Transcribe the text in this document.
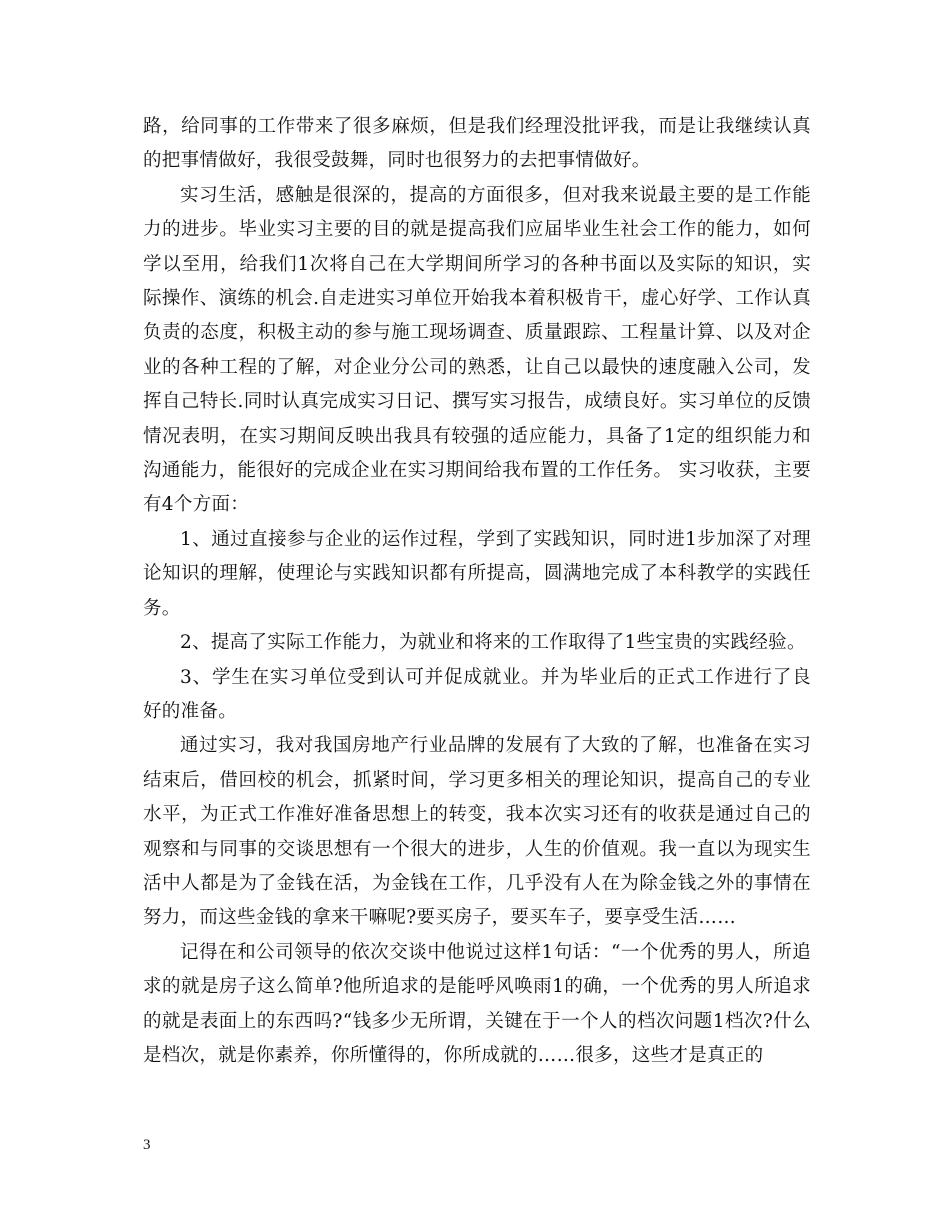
路，给同事的工作带来了很多麻烦，但是我们经理没批评我，而是让我继续认真的把事情做好，我很受鼓舞，同时也很努力的去把事情做好。

实习生活，感触是很深的，提高的方面很多，但对我来说最主要的是工作能力的进步。毕业实习主要的目的就是提高我们应届毕业生社会工作的能力，如何学以至用，给我们1次将自己在大学期间所学习的各种书面以及实际的知识，实际操作、演练的机会.自走进实习单位开始我本着积极肯干，虚心好学、工作认真负责的态度，积极主动的参与施工现场调查、质量跟踪、工程量计算、以及对企业的各种工程的了解，对企业分公司的熟悉，让自己以最快的速度融入公司，发挥自己特长.同时认真完成实习日记、撰写实习报告，成绩良好。实习单位的反馈情况表明，在实习期间反映出我具有较强的适应能力，具备了1定的组织能力和沟通能力，能很好的完成企业在实习期间给我布置的工作任务。 实习收获，主要有4个方面：

1、通过直接参与企业的运作过程，学到了实践知识，同时进1步加深了对理论知识的理解，使理论与实践知识都有所提高，圆满地完成了本科教学的实践任务。

2、提高了实际工作能力，为就业和将来的工作取得了1些宝贵的实践经验。

3、学生在实习单位受到认可并促成就业。并为毕业后的正式工作进行了良好的准备。

通过实习，我对我国房地产行业品牌的发展有了大致的了解，也准备在实习结束后，借回校的机会，抓紧时间，学习更多相关的理论知识，提高自己的专业水平，为正式工作准好准备思想上的转变，我本次实习还有的收获是通过自己的观察和与同事的交谈思想有一个很大的进步，人生的价值观。我一直以为现实生活中人都是为了金钱在活，为金钱在工作，几乎没有人在为除金钱之外的事情在努力，而这些金钱的拿来干嘛呢?要买房子，要买车子，要享受生活……

记得在和公司领导的依次交谈中他说过这样1句话：“一个优秀的男人，所追求的就是房子这么简单?他所追求的是能呼风唤雨1的确，一个优秀的男人所追求的就是表面上的东西吗?“钱多少无所谓，关键在于一个人的档次问题1档次?什么是档次，就是你素养，你所懂得的，你所成就的……很多，这些才是真正的

3
